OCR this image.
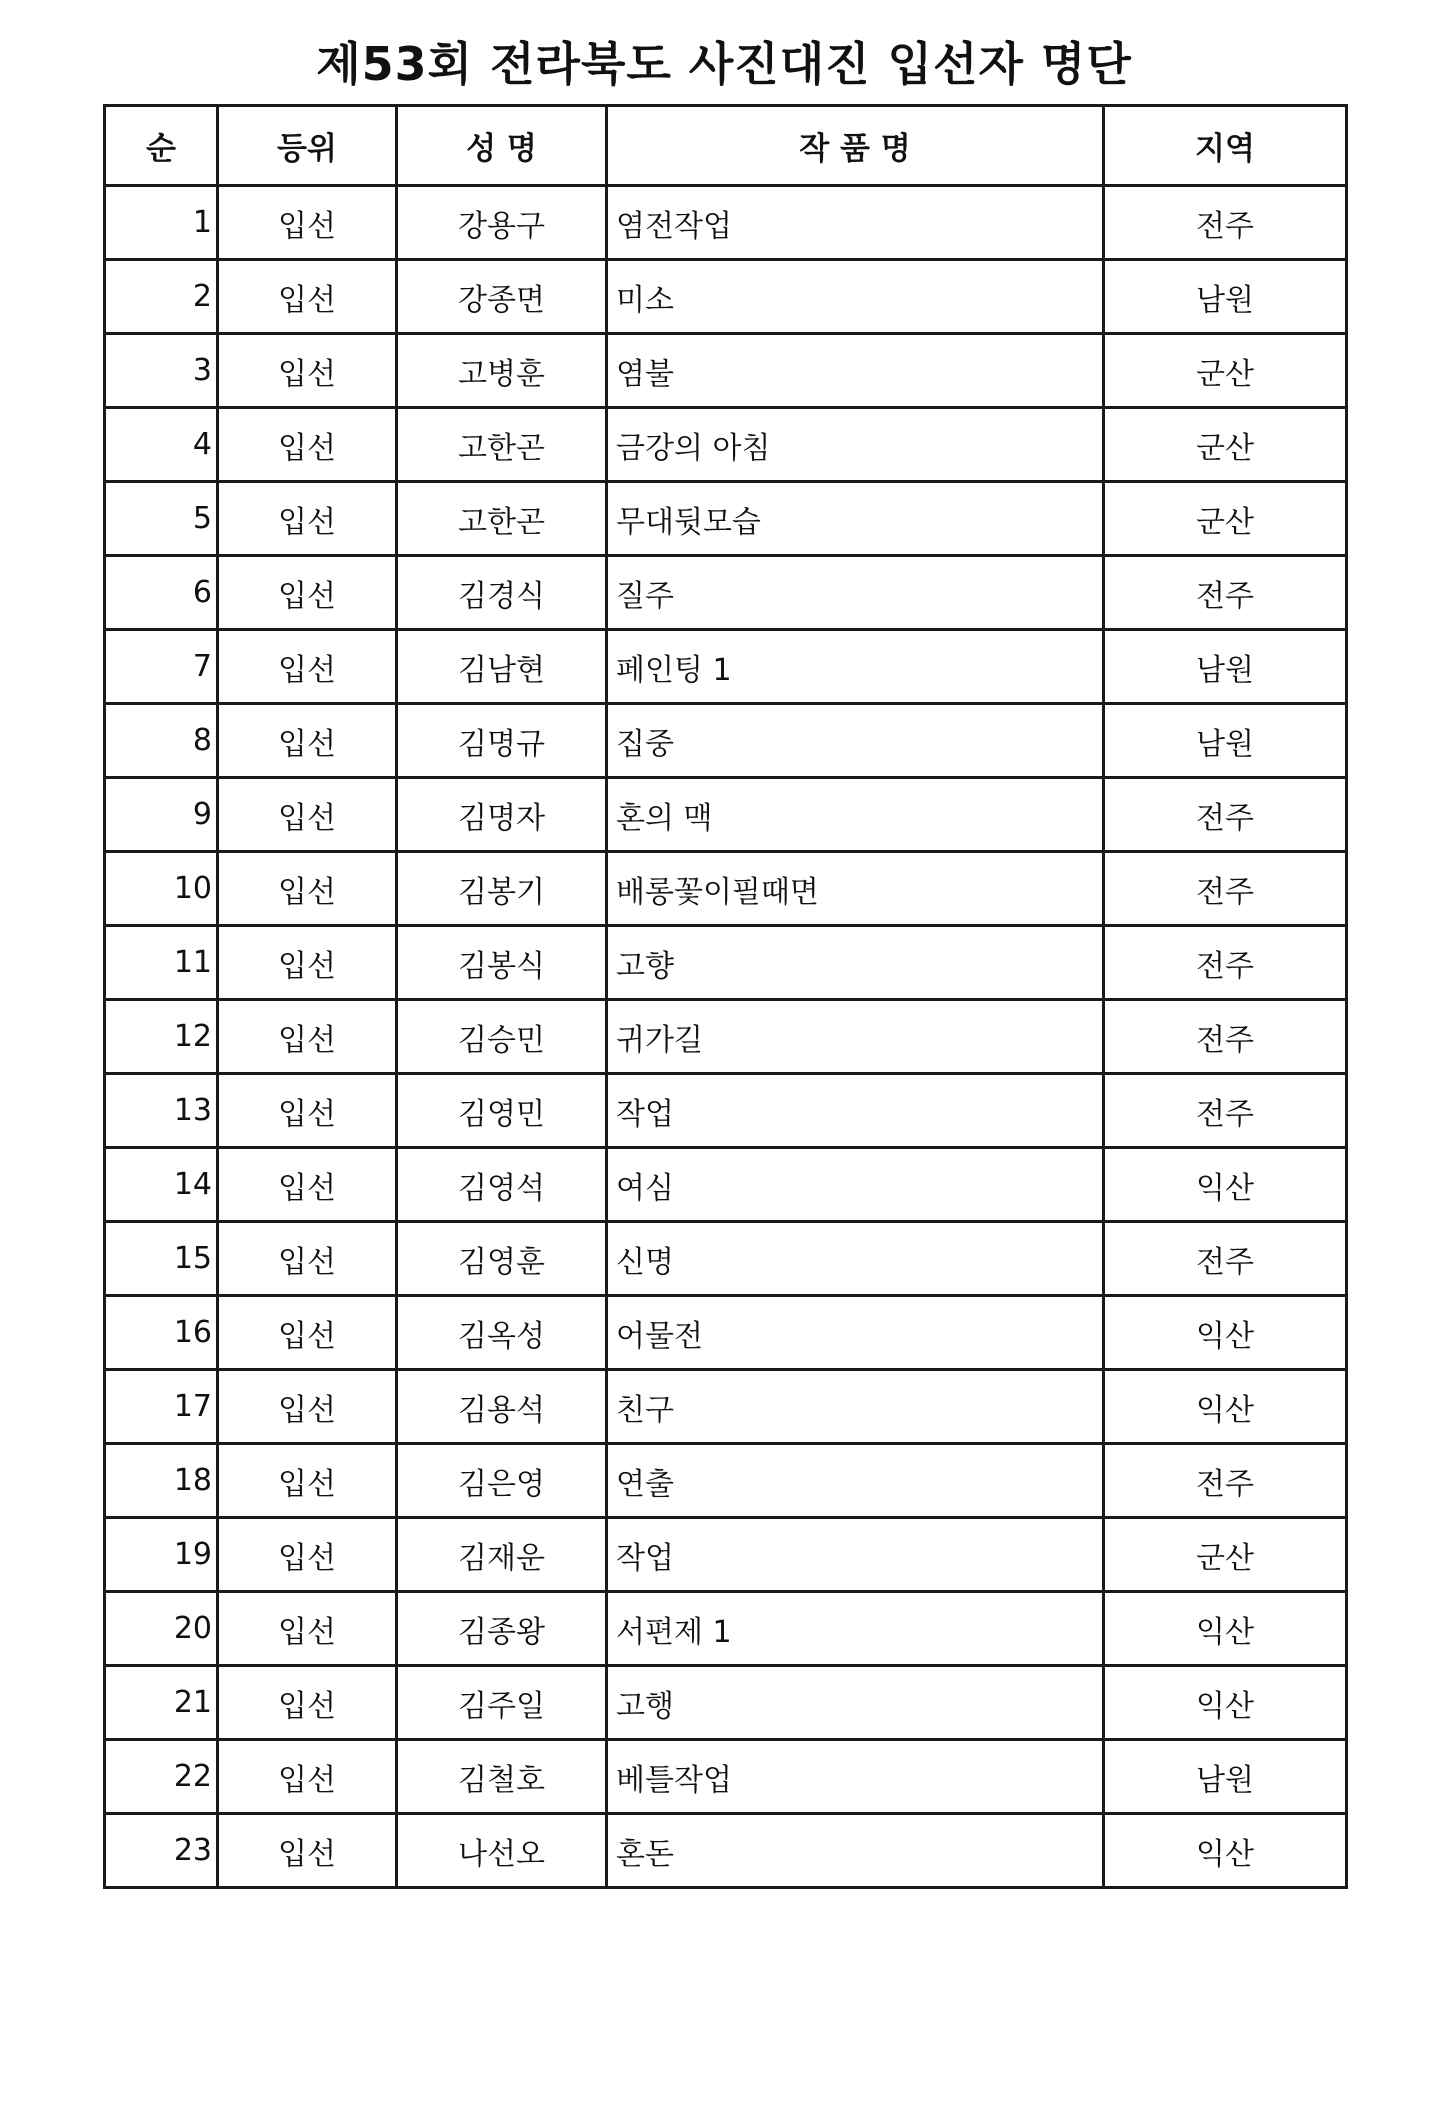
제53회 전라북도 사진대진 입선자 명단
순	등위	성 명	작 품 명	지역
1	입선	강용구	염전작업	전주
2	입선	강종면	미소	남원
3	입선	고병훈	염불	군산
4	입선	고한곤	금강의 아침	군산
5	입선	고한곤	무대뒷모습	군산
6	입선	김경식	질주	전주
7	입선	김남현	페인팅 1	남원
8	입선	김명규	집중	남원
9	입선	김명자	혼의 맥	전주
10	입선	김봉기	배롱꽃이필때면	전주
11	입선	김봉식	고향	전주
12	입선	김승민	귀가길	전주
13	입선	김영민	작업	전주
14	입선	김영석	여심	익산
15	입선	김영훈	신명	전주
16	입선	김옥성	어물전	익산
17	입선	김용석	친구	익산
18	입선	김은영	연출	전주
19	입선	김재운	작업	군산
20	입선	김종왕	서편제 1	익산
21	입선	김주일	고행	익산
22	입선	김철호	베틀작업	남원
23	입선	나선오	혼돈	익산
